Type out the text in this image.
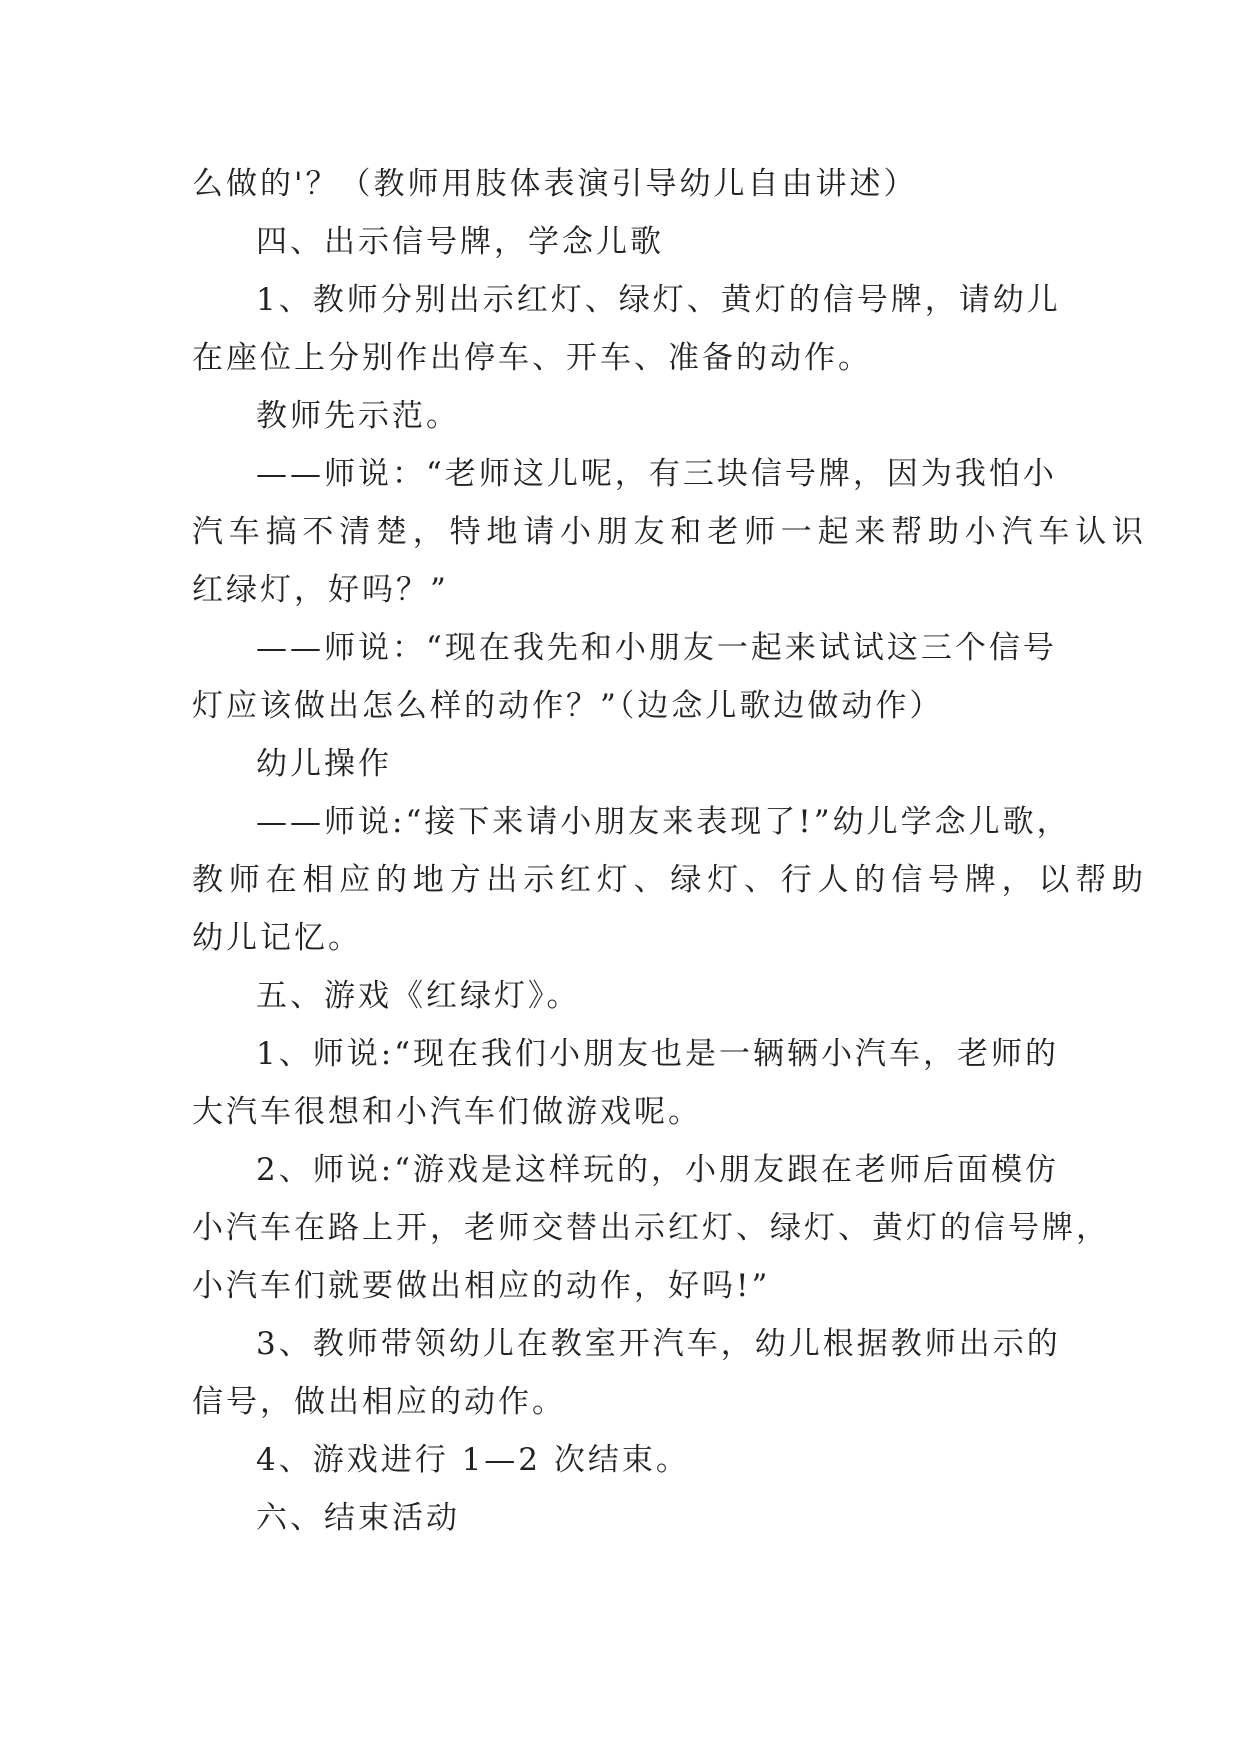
么做的'？（教师用肢体表演引导幼儿自由讲述）

四、出示信号牌，学念儿歌

1、教师分别出示红灯、绿灯、黄灯的信号牌，请幼儿

在座位上分别作出停车、开车、准备的动作。

教师先示范。

——师说：“老师这儿呢，有三块信号牌，因为我怕小

汽车搞不清楚，特地请小朋友和老师一起来帮助小汽车认识

红绿灯，好吗？”

——师说：“现在我先和小朋友一起来试试这三个信号

灯应该做出怎么样的动作？”（边念儿歌边做动作）

幼儿操作

——师说:“接下来请小朋友来表现了!”幼儿学念儿歌，

教师在相应的地方出示红灯、绿灯、行人的信号牌，以帮助

幼儿记忆。

五、游戏《红绿灯》。

1、师说:“现在我们小朋友也是一辆辆小汽车，老师的

大汽车很想和小汽车们做游戏呢。

2、师说:“游戏是这样玩的，小朋友跟在老师后面模仿

小汽车在路上开，老师交替出示红灯、绿灯、黄灯的信号牌，

小汽车们就要做出相应的动作，好吗!”

3、教师带领幼儿在教室开汽车，幼儿根据教师出示的

信号，做出相应的动作。

4、游戏进行 1—2 次结束。

六、结束活动
